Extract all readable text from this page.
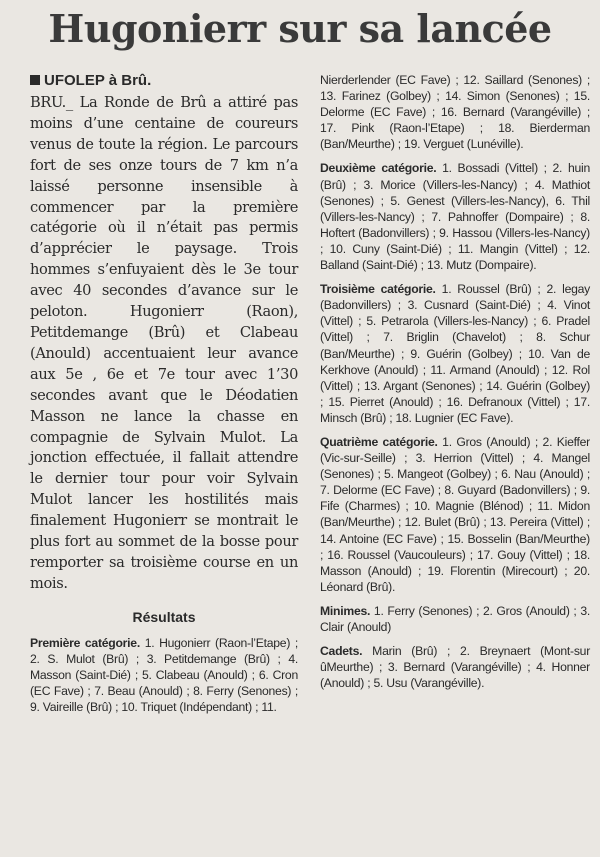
Hugonierr sur sa lancée
UFOLEP à Brû.

BRU._ La Ronde de Brû a attiré pas moins d’une centaine de coureurs venus de toute la région. Le parcours fort de ses onze tours de 7 km n’a laissé personne insensible à commencer par la première catégorie où il n’était pas permis d’apprécier le paysage. Trois hommes s’enfuyaient dès le 3e tour avec 40 secondes d’avance sur le peloton. Hugonierr (Raon), Petitdemange (Brû) et Clabeau (Anould) accentuaient leur avance aux 5e , 6e et 7e tour avec 1’30 secondes avant que le Déodatien Masson ne lance la chasse en compagnie de Sylvain Mulot. La jonction effectuée, il fallait attendre le dernier tour pour voir Sylvain Mulot lancer les hostilités mais finalement Hugonierr se montrait le plus fort au sommet de la bosse pour remporter sa troisième course en un mois.

Résultats

Première catégorie. 1. Hugonierr (Raon-l’Etape) ; 2. S. Mulot (Brû) ; 3. Petitdemange (Brû) ; 4. Masson (Saint-Dié) ; 5. Clabeau (Anould) ; 6. Cron (EC Fave) ; 7. Beau (Anould) ; 8. Ferry (Senones) ; 9. Vaireille (Brû) ; 10. Triquet (Indépendant) ; 11.

Nierderlender (EC Fave) ; 12. Saillard (Senones) ; 13. Farinez (Golbey) ; 14. Simon (Senones) ; 15. Delorme (EC Fave) ; 16. Bernard (Varangéville) ; 17. Pink (Raon-l’Etape) ; 18. Bierderman (Ban/Meurthe) ; 19. Verguet (Lunéville).

Deuxième catégorie. 1. Bossadi (Vittel) ; 2. huin (Brû) ; 3. Morice (Villers-les-Nancy) ; 4. Mathiot (Senones) ; 5. Genest (Villers-les-Nancy), 6. Thil (Villers-les-Nancy) ; 7. Pahnoffer (Dompaire) ; 8. Hoftert (Badonvillers) ; 9. Hassou (Villers-les-Nancy) ; 10. Cuny (Saint-Dié) ; 11. Mangin (Vittel) ; 12. Balland (Saint-Dié) ; 13. Mutz (Dompaire).

Troisième catégorie. 1. Roussel (Brû) ; 2. legay (Badonvillers) ; 3. Cusnard (Saint-Dié) ; 4. Vinot (Vittel) ; 5. Petrarola (Villers-les-Nancy) ; 6. Pradel (Vittel) ; 7. Briglin (Chavelot) ; 8. Schur (Ban/Meurthe) ; 9. Guérin (Golbey) ; 10. Van de Kerkhove (Anould) ; 11. Armand (Anould) ; 12. Rol (Vittel) ; 13. Argant (Senones) ; 14. Guérin (Golbey) ; 15. Pierret (Anould) ; 16. Defranoux (Vittel) ; 17. Minsch (Brû) ; 18. Lugnier (EC Fave).

Quatrième catégorie. 1. Gros (Anould) ; 2. Kieffer (Vic-sur-Seille) ; 3. Herrion (Vittel) ; 4. Mangel (Senones) ; 5. Mangeot (Golbey) ; 6. Nau (Anould) ; 7. Delorme (EC Fave) ; 8. Guyard (Badonvillers) ; 9. Fife (Charmes) ; 10. Magnie (Blénod) ; 11. Midon (Ban/Meurthe) ; 12. Bulet (Brû) ; 13. Pereira (Vittel) ; 14. Antoine (EC Fave) ; 15. Bosselin (Ban/Meurthe) ; 16. Roussel (Vaucouleurs) ; 17. Gouy (Vittel) ; 18. Masson (Anould) ; 19. Florentin (Mirecourt) ; 20. Léonard (Brû).

Minimes. 1. Ferry (Senones) ; 2. Gros (Anould) ; 3. Clair (Anould)

Cadets. Marin (Brû) ; 2. Breynaert (Mont-sur ûMeurthe) ; 3. Bernard (Varangéville) ; 4. Honner (Anould) ; 5. Usu (Varangéville).
